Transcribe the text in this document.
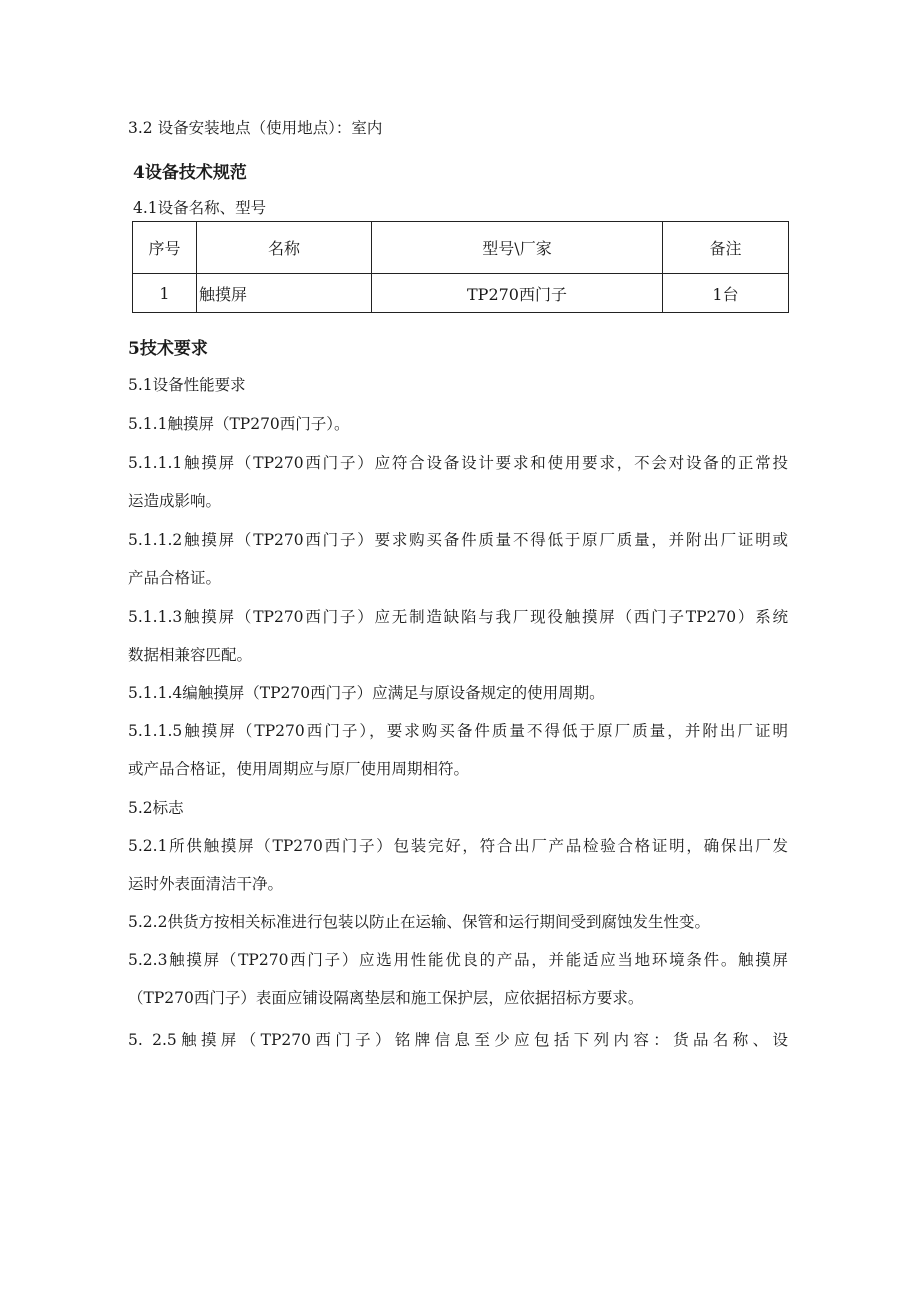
3.2 设备安装地点（使用地点）：室内
4设备技术规范
4.1设备名称、型号
序号	名称	型号\厂家	备注
1	触摸屏	TP270西门子	1台
5技术要求
5.1设备性能要求
5.1.1触摸屏（TP270西门子）。
5.1.1.1触摸屏（TP270西门子）应符合设备设计要求和使用要求，不会对设备的正常投
运造成影响。
5.1.1.2触摸屏（TP270西门子）要求购买备件质量不得低于原厂质量，并附出厂证明或
产品合格证。
5.1.1.3触摸屏（TP270西门子）应无制造缺陷与我厂现役触摸屏（西门子TP270）系统
数据相兼容匹配。
5.1.1.4编触摸屏（TP270西门子）应满足与原设备规定的使用周期。
5.1.1.5触摸屏（TP270西门子），要求购买备件质量不得低于原厂质量，并附出厂证明
或产品合格证，使用周期应与原厂使用周期相符。
5.2标志
5.2.1所供触摸屏（TP270西门子）包装完好，符合出厂产品检验合格证明，确保出厂发
运时外表面清洁干净。
5.2.2供货方按相关标准进行包装以防止在运输、保管和运行期间受到腐蚀发生性变。
5.2.3触摸屏（TP270西门子）应选用性能优良的产品，并能适应当地环境条件。触摸屏
（TP270西门子）表面应铺设隔离垫层和施工保护层，应依据招标方要求。
5. 2.5触摸屏（TP270西门子）铭牌信息至少应包括下列内容：货品名称、设
